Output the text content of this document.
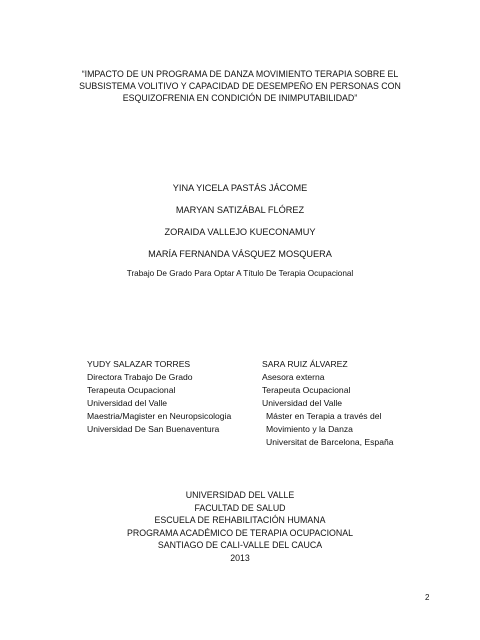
“IMPACTO DE UN PROGRAMA DE DANZA MOVIMIENTO TERAPIA SOBRE EL
SUBSISTEMA VOLITIVO Y CAPACIDAD DE DESEMPEÑO EN PERSONAS CON
ESQUIZOFRENIA EN CONDICIÓN DE INIMPUTABILIDAD”
YINA YICELA PASTÁS JÁCOME
MARYAN SATIZÁBAL FLÓREZ
ZORAIDA VALLEJO KUECONAMUY
MARÍA FERNANDA VÁSQUEZ MOSQUERA
Trabajo De Grado Para Optar A Título De Terapia Ocupacional
YUDY SALAZAR TORRES
Directora Trabajo De Grado
Terapeuta Ocupacional
Universidad del Valle
Maestria/Magister en Neuropsicologia
Universidad De San Buenaventura
SARA RUIZ ÁLVAREZ
Asesora externa
Terapeuta Ocupacional
Universidad del Valle
Máster en Terapia a través del
Movimiento y la Danza
Universitat de Barcelona, España
UNIVERSIDAD DEL VALLE
FACULTAD DE SALUD
ESCUELA DE REHABILITACIÓN HUMANA
PROGRAMA ACADÉMICO DE TERAPIA OCUPACIONAL
SANTIAGO DE CALI-VALLE DEL CAUCA
2013
2
